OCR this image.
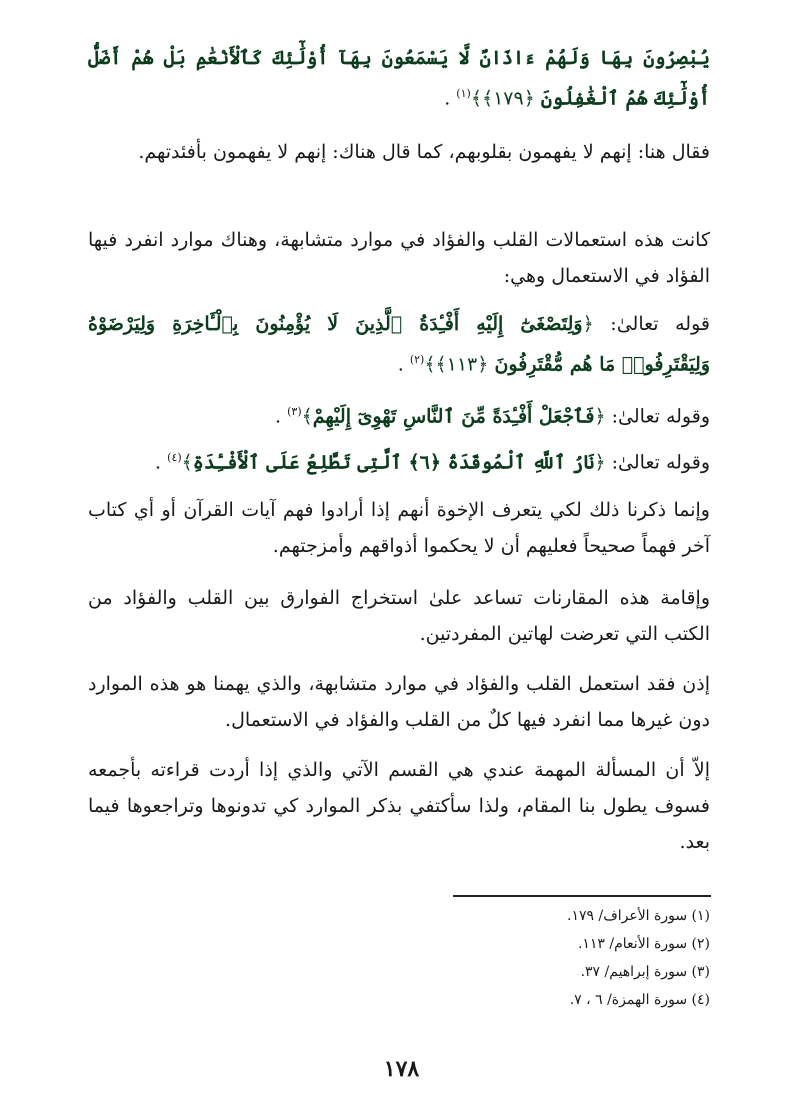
يُبْصِرُونَ بِهَا وَلَهُمْ ءَاذَانٌ لَّا يَسْمَعُونَ بِهَآ أُوْلَٰٓئِكَ كَٱلْأَنْعَٰمِ بَلْ هُمْ أَضَلُّ أُوْلَٰٓئِكَ هُمُ ٱلْغَٰفِلُونَ ﴿١٧٩﴾﴾$^{(١)}$ .
فقال هنا: إنهم لا يفهمون بقلوبهم، كما قال هناك: إنهم لا يفهمون بأفئدتهم.
كانت هذه استعمالات القلب والفؤاد في موارد متشابهة، وهناك موارد انفرد فيها الفؤاد في الاستعمال وهي:
قوله تعالىٰ: ﴿وَلِتَصْغَىٰٓ إِلَيْهِ أَفْـِٔدَةُ ٱلَّذِينَ لَا يُؤْمِنُونَ بِٱلْـَٔاخِرَةِ وَلِيَرْضَوْهُ وَلِيَقْتَرِفُوا۟ مَا هُم مُّقْتَرِفُونَ ﴿١١٣﴾﴾$^{(٢)}$ .
وقوله تعالىٰ: ﴿فَٱجْعَلْ أَفْـِٔدَةً مِّنَ ٱلنَّاسِ تَهْوِىٓ إِلَيْهِمْ﴾$^{(٣)}$ .
وقوله تعالىٰ: ﴿نَارُ ٱللَّهِ ٱلْمُوقَدَةُ ﴿٦﴾ ٱلَّتِى تَطَّلِعُ عَلَى ٱلْأَفْـِٔدَةِ﴾$^{(٤)}$ .
وإنما ذكرنا ذلك لكي يتعرف الإخوة أنهم إذا أرادوا فهم آيات القرآن أو أي كتاب آخر فهماً صحيحاً فعليهم أن لا يحكموا أذواقهم وأمزجتهم.
وإقامة هذه المقارنات تساعد علىٰ استخراج الفوارق بين القلب والفؤاد من الكتب التي تعرضت لهاتين المفردتين.
إذن فقد استعمل القلب والفؤاد في موارد متشابهة، والذي يهمنا هو هذه الموارد دون غيرها مما انفرد فيها كلٌ من القلب والفؤاد في الاستعمال.
إلاّ أن المسألة المهمة عندي هي القسم الآتي والذي إذا أردت قراءته بأجمعه فسوف يطول بنا المقام، ولذا سأكتفي بذكر الموارد كي تدونوها وتراجعوها فيما بعد.
(١) سورة الأعراف/ ١٧٩.
(٢) سورة الأنعام/ ١١٣.
(٣) سورة إبراهيم/ ٣٧.
(٤) سورة الهمزة/ ٦ ، ٧.
١٧٨
